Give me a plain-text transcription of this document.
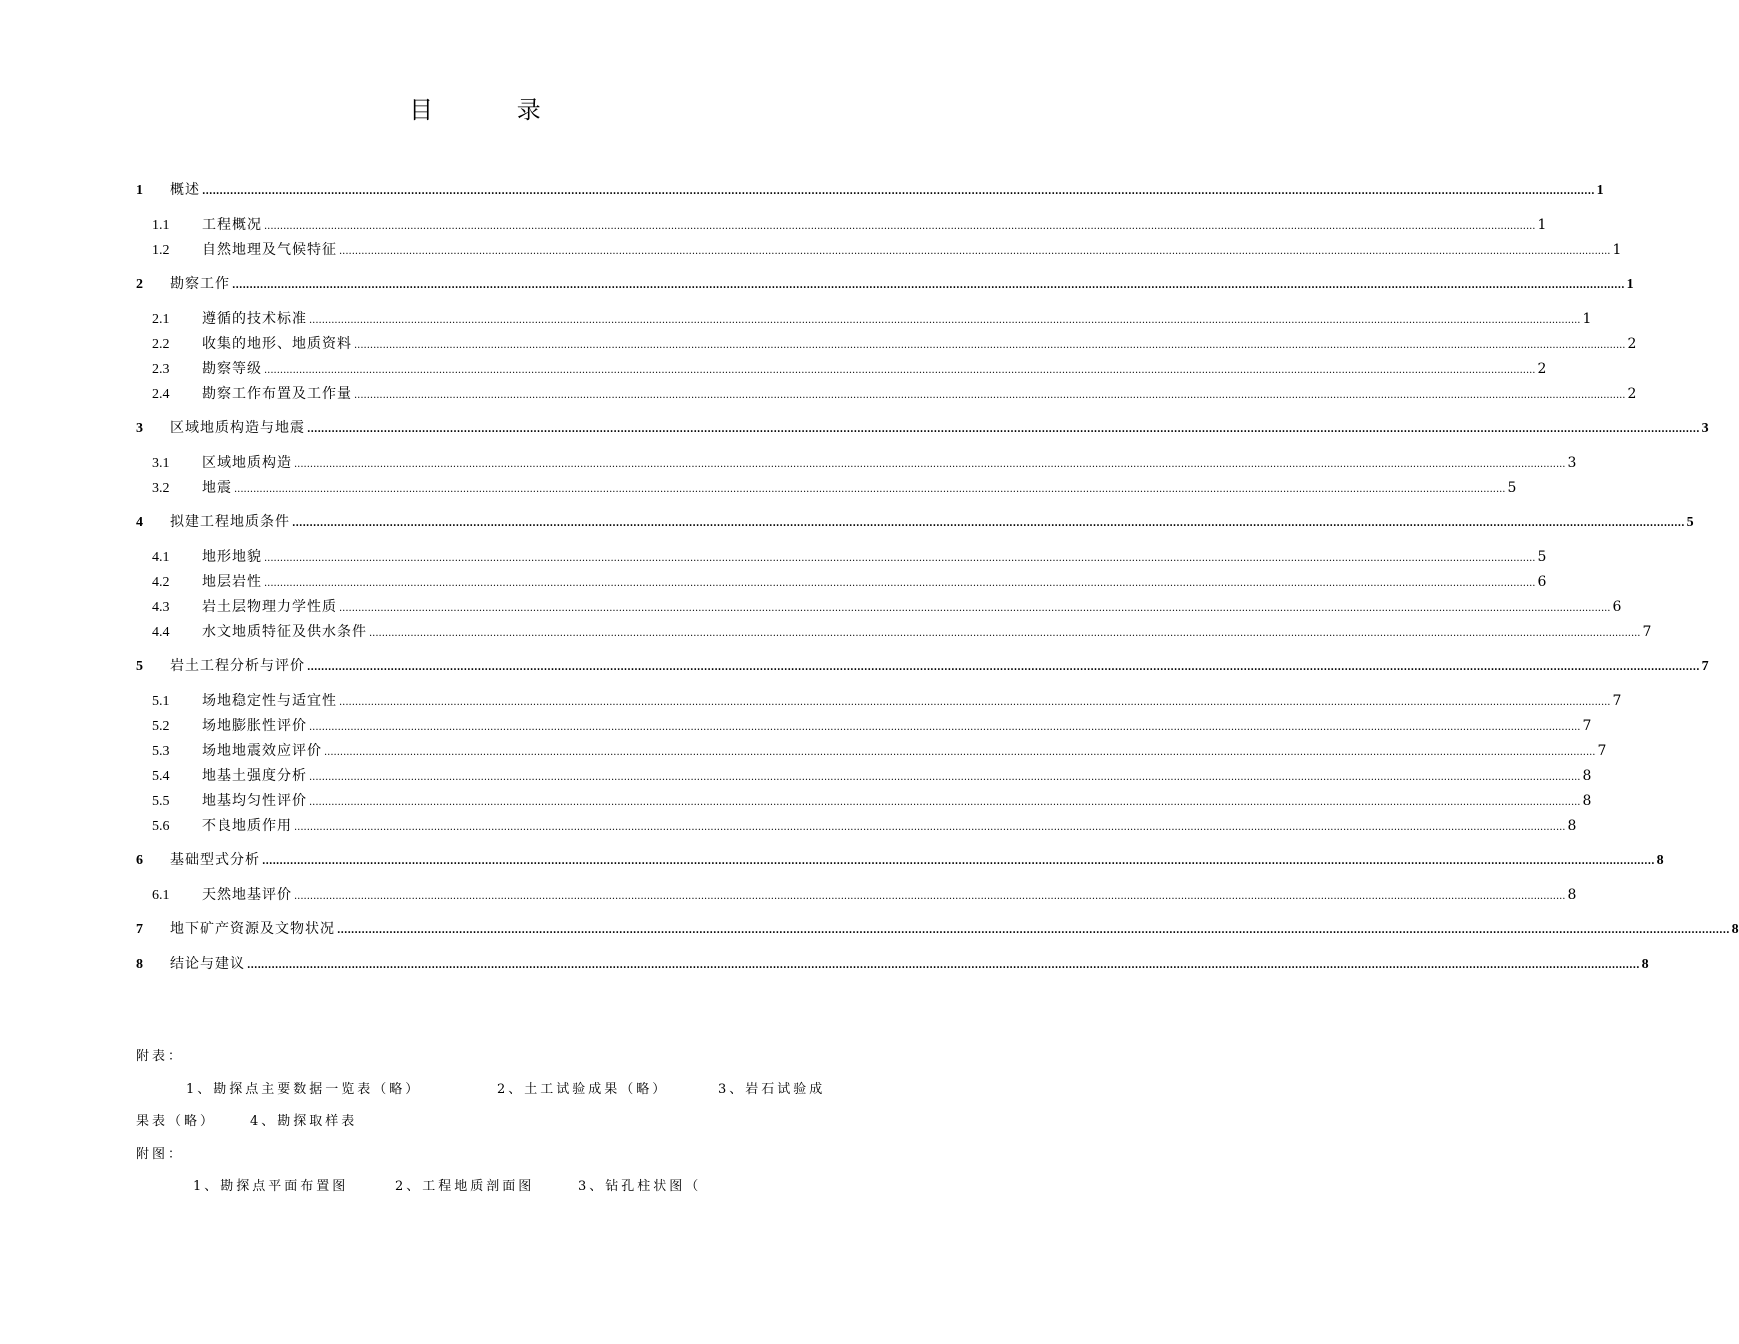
目 录
1	概述 ................................................................................................................................................................................................................................................................................................................................................................................................................ 1
1.1	工程概况 ................................................................................................................................................................................................................................................................................................................................................................................................................ 1
1.2	自然地理及气候特征 ................................................................................................................................................................................................................................................................................................................................................................................................................ 1
2	勘察工作 ................................................................................................................................................................................................................................................................................................................................................................................................................ 1
2.1	遵循的技术标准 ................................................................................................................................................................................................................................................................................................................................................................................................................ 1
2.2	收集的地形、地质资料 ................................................................................................................................................................................................................................................................................................................................................................................................................ 2
2.3	勘察等级 ................................................................................................................................................................................................................................................................................................................................................................................................................ 2
2.4	勘察工作布置及工作量 ................................................................................................................................................................................................................................................................................................................................................................................................................ 2
3	区域地质构造与地震 ................................................................................................................................................................................................................................................................................................................................................................................................................ 3
3.1	区域地质构造 ................................................................................................................................................................................................................................................................................................................................................................................................................ 3
3.2	地震 ................................................................................................................................................................................................................................................................................................................................................................................................................ 5
4	拟建工程地质条件 ................................................................................................................................................................................................................................................................................................................................................................................................................ 5
4.1	地形地貌 ................................................................................................................................................................................................................................................................................................................................................................................................................ 5
4.2	地层岩性 ................................................................................................................................................................................................................................................................................................................................................................................................................ 6
4.3	岩土层物理力学性质 ................................................................................................................................................................................................................................................................................................................................................................................................................ 6
4.4	水文地质特征及供水条件 ................................................................................................................................................................................................................................................................................................................................................................................................................ 7
5	岩土工程分析与评价 ................................................................................................................................................................................................................................................................................................................................................................................................................ 7
5.1	场地稳定性与适宜性 ................................................................................................................................................................................................................................................................................................................................................................................................................ 7
5.2	场地膨胀性评价 ................................................................................................................................................................................................................................................................................................................................................................................................................ 7
5.3	场地地震效应评价 ................................................................................................................................................................................................................................................................................................................................................................................................................ 7
5.4	地基土强度分析 ................................................................................................................................................................................................................................................................................................................................................................................................................ 8
5.5	地基均匀性评价 ................................................................................................................................................................................................................................................................................................................................................................................................................ 8
5.6	不良地质作用 ................................................................................................................................................................................................................................................................................................................................................................................................................ 8
6	基础型式分析 ................................................................................................................................................................................................................................................................................................................................................................................................................ 8
6.1	天然地基评价 ................................................................................................................................................................................................................................................................................................................................................................................................................ 8
7	地下矿产资源及文物状况 ................................................................................................................................................................................................................................................................................................................................................................................................................ 8
8	结论与建议 ................................................................................................................................................................................................................................................................................................................................................................................................................ 8
附表：
1、勘探点主要数据一览表（略）	2、土工试验成果（略）	3、岩石试验成
果表（略）	4、勘探取样表
附图：
1、勘探点平面布置图	2、工程地质剖面图	3、钻孔柱状图（
